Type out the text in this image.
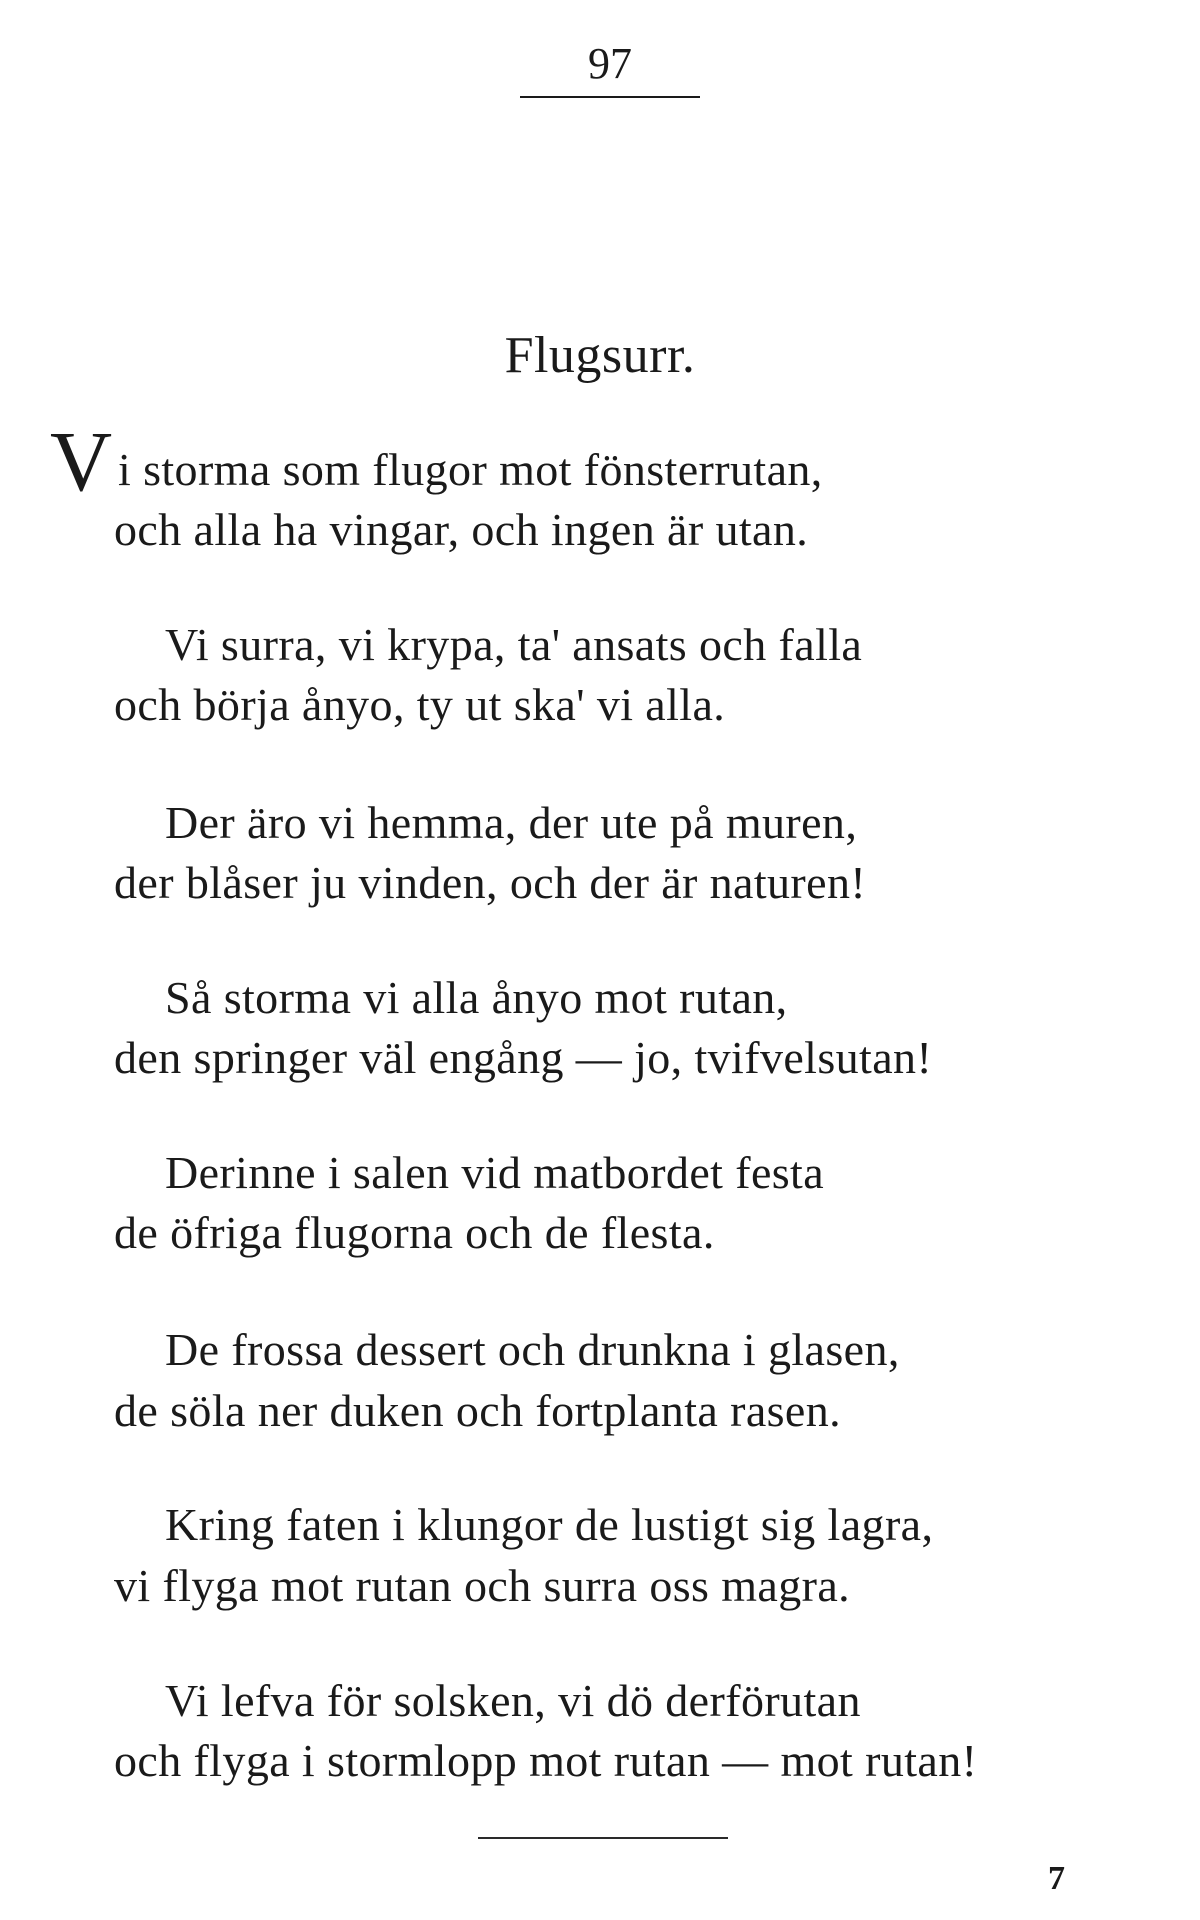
97
Flugsurr.
V i storma som flugor mot fönsterrutan,
och alla ha vingar, och ingen är utan.
Vi surra, vi krypa, ta' ansats och falla
och börja ånyo, ty ut ska' vi alla.
Der äro vi hemma, der ute på muren,
der blåser ju vinden, och der är naturen!
Så storma vi alla ånyo mot rutan,
den springer väl engång — jo, tvifvelsutan!
Derinne i salen vid matbordet festa
de öfriga flugorna och de flesta.
De frossa dessert och drunkna i glasen,
de söla ner duken och fortplanta rasen.
Kring faten i klungor de lustigt sig lagra,
vi flyga mot rutan och surra oss magra.
Vi lefva för solsken, vi dö derförutan
och flyga i stormlopp mot rutan — mot rutan!
7
